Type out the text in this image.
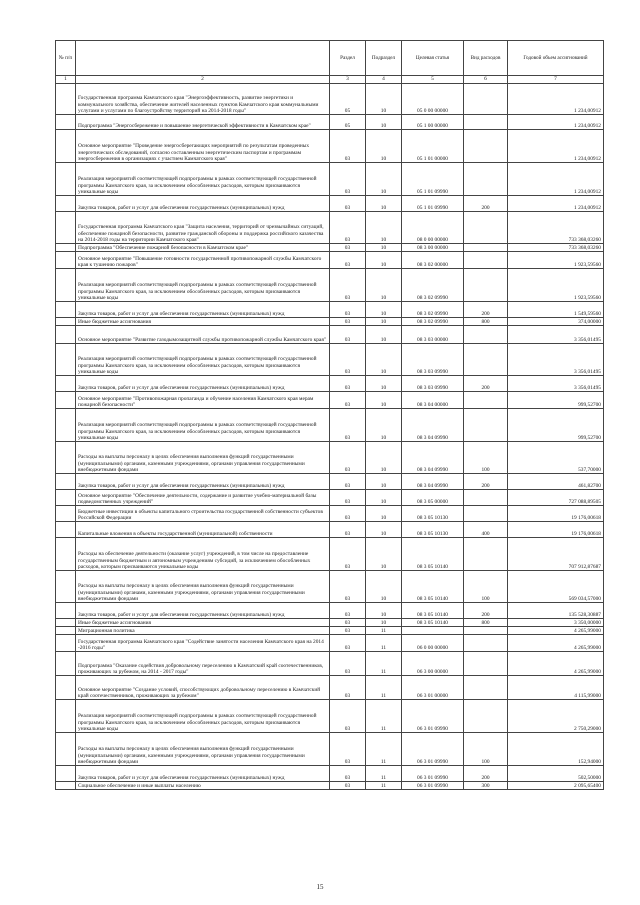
№ п/п		Раздел	Подраздел	Целевая статья	Вид расходов	Годовой объем ассигнований
1	2	3	4	5	6	7
	Государственная программа Камчатского края "Энергоэффективность, развитие энергетики и коммунального хозяйства, обеспечение жителей населенных пунктов Камчатского края коммунальными услугами и услугами по благоустройству территорий на 2014-2018 годы"	05	10	05 0 00 00000		1 234,00912
	Подпрограмма "Энергосбережение и повышение энергетической эффективности в Камчатском крае"	05	10	05 1 00 00000		1 234,00912
	Основное мероприятие "Проведение энергосберегающих мероприятий по результатам проведенных энергетических обследований, согласно составленным энергетическим паспортам и программам энергосбережения в организациях с участием Камчатского края"	03	10	05 1 01 00000		1 234,00912
	Реализация мероприятий соответствующей подпрограммы в рамках соответствующей государственной программы Камчатского края, за исключением обособленных расходов, которым присваиваются уникальные коды	03	10	05 1 01 09990		1 234,00912
	Закупка товаров, работ и услуг для обеспечения государственных (муниципальных) нужд	03	10	05 1 01 09990	200	1 234,00912
	Государственная программа Камчатского края "Защита населения, территорий от чрезвычайных ситуаций, обеспечение пожарной безопасности, развитие гражданской обороны и поддержка российского казачества на 2014-2018 годы на территории Камчатского края"	03	10	08 0 00 00000		733 368,03260
	Подпрограмма "Обеспечение пожарной безопасности в Камчатском крае"	03	10	08 3 00 00000		733 368,03260
	Основное мероприятие "Повышение готовности государственной противопожарной службы Камчатского края к тушению пожаров"	03	10	08 3 02 00000		1 923,59560
	Реализация мероприятий соответствующей подпрограммы в рамках соответствующей государственной программы Камчатского края, за исключением обособленных расходов, которым присваиваются уникальные коды	03	10	08 3 02 09990		1 923,59560
	Закупка товаров, работ и услуг для обеспечения государственных (муниципальных) нужд	03	10	08 3 02 09990	200	1 549,59560
	Иные бюджетные ассигнования	03	10	08 3 02 09990	800	374,00000
	Основное мероприятие "Развитие газодымозащитной службы противопожарной службы Камчатского края"	03	10	08 3 03 00000		3 356,01495
	Реализация мероприятий соответствующей подпрограммы в рамках соответствующей государственной программы Камчатского края, за исключением обособленных расходов, которым присваиваются уникальные коды	03	10	08 3 03 09990		3 356,01495
	Закупка товаров, работ и услуг для обеспечения государственных (муниципальных) нужд	03	10	08 3 03 09990	200	3 356,01495
	Основное мероприятие "Противопожарная пропаганда и обучение населения Камчатского края мерам пожарной безопасности"	03	10	08 3 04 00000		999,52700
	Реализация мероприятий соответствующей подпрограммы в рамках соответствующей государственной программы Камчатского края, за исключением обособленных расходов, которым присваиваются уникальные коды	03	10	08 3 04 09990		999,52700
	Расходы на выплаты персоналу в целях обеспечения выполнения функций государственными (муниципальными) органами, казенными учреждениями, органами управления государственными внебюджетными фондами	03	10	08 3 04 09990	100	537,70000
	Закупка товаров, работ и услуг для обеспечения государственных (муниципальных) нужд	03	10	08 3 04 09990	200	461,82700
	Основное мероприятие "Обеспечение деятельности, содержание и развитие учебно-материальной базы подведомственных учреждений"	03	10	08 3 05 00000		727 088,89505
	Бюджетные инвестиции в объекты капитального строительства государственной собственности субъектов Российской Федерации	03	10	08 3 05 10130		19 176,00618
	Капитальные вложения в объекты государственной (муниципальной) собственности	03	10	08 3 05 10130	400	19 176,00618
	Расходы на обеспечение деятельности (оказание услуг) учреждений, в том числе на предоставление государственным бюджетным и автономным учреждениям субсидий, за исключением обособленных расходов, которым присваиваются уникальные коды	03	10	08 3 05 10140		707 912,87687
	Расходы на выплаты персоналу в целях обеспечения выполнения функций государственными (муниципальными) органами, казенными учреждениями, органами управления государственными внебюджетными фондами	03	10	08 3 05 10140	100	569 034,57000
	Закупка товаров, работ и услуг для обеспечения государственных (муниципальных) нужд	03	10	08 3 05 10140	200	135 528,30887
	Иные бюджетные ассигнования	03	10	08 3 05 10140	800	3 350,00000
	Миграционная политика	03	11			4 265,99000
	Государственная программа Камчатского края "Содействие занятости населения Камчатского края на 2014 -2016 годы"	03	11	06 0 00 00000		4 265,99000
	Подпрограмма "Оказание содействия добровольному переселению в Камчатский край соотечественников, проживающих за рубежом, на 2014 - 2017 годы"	03	11	06 3 00 00000		4 265,99000
	Основное мероприятие "Создание условий, способствующих добровольному переселению в Камчатский край соотечественников, проживающих за рубежом"	03	11	06 3 01 00000		4 115,99000
	Реализация мероприятий соответствующей подпрограммы в рамках соответствующей государственной программы Камчатского края, за исключением обособленных расходов, которым присваиваются уникальные коды	03	11	06 3 01 09990		2 750,29000
	Расходы на выплаты персоналу в целях обеспечения выполнения функций государственными (муниципальными) органами, казенными учреждениями, органами управления государственными внебюджетными фондами	03	11	06 3 01 09990	100	152,94000
	Закупка товаров, работ и услуг для обеспечения государственных (муниципальных) нужд	03	11	06 3 01 09990	200	502,50000
	Социальное обеспечение и иные выплаты населению	03	11	06 3 01 09990	300	2 095,65400
15
